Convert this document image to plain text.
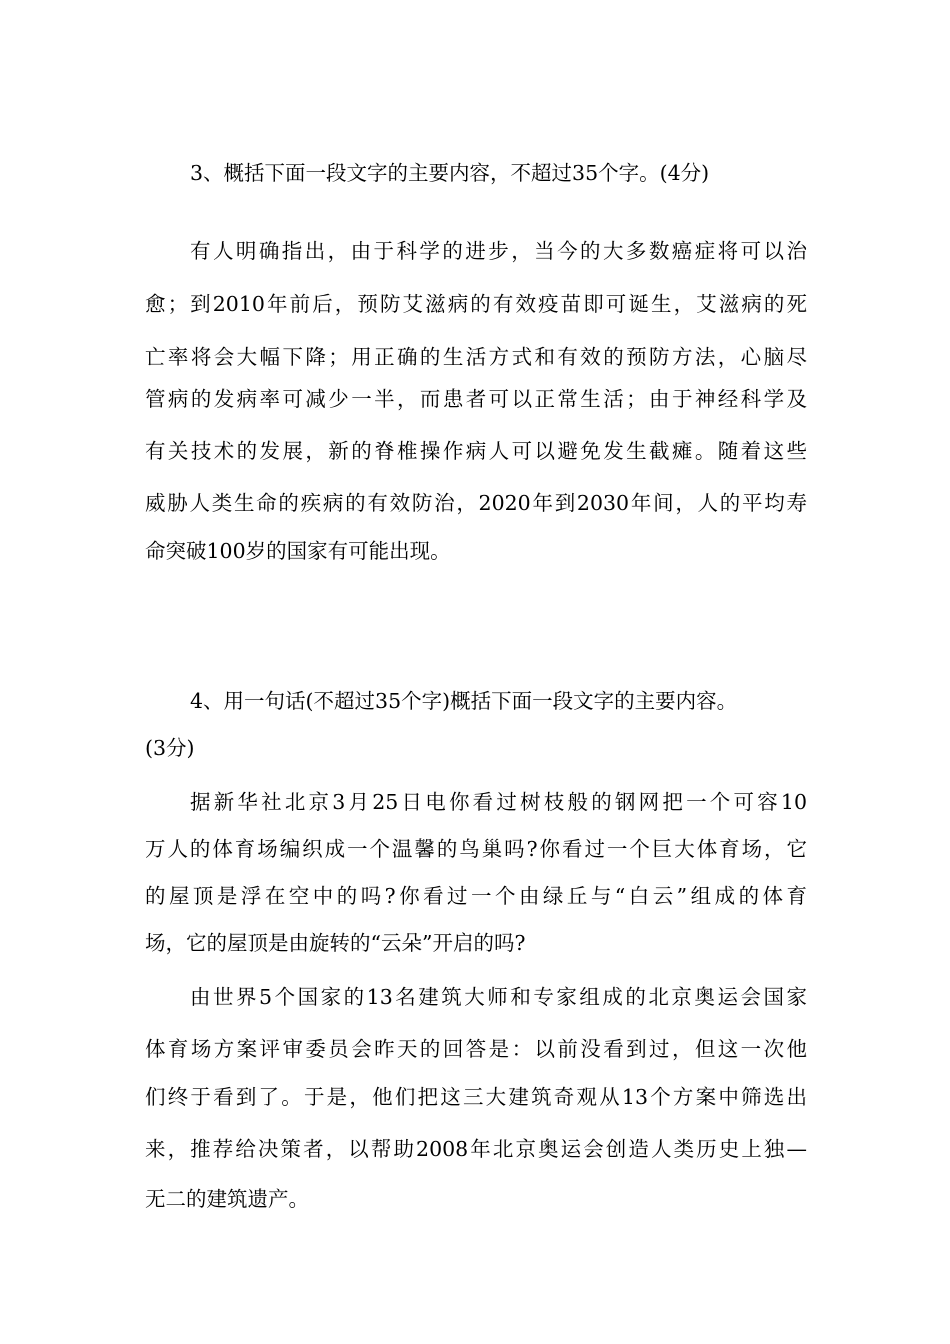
3、概括下面一段文字的主要内容，不超过35个字。(4分)
有人明确指出，由于科学的进步，当今的大多数癌症将可以治
愈；到2010年前后，预防艾滋病的有效疫苗即可诞生，艾滋病的死
亡率将会大幅下降；用正确的生活方式和有效的预防方法，心脑尽
管病的发病率可减少一半，而患者可以正常生活；由于神经科学及
有关技术的发展，新的脊椎操作病人可以避免发生截瘫。随着这些
威胁人类生命的疾病的有效防治，2020年到2030年间，人的平均寿
命突破100岁的国家有可能出现。
4、用一句话(不超过35个字)概括下面一段文字的主要内容。
(3分)
据新华社北京3月25日电你看过树枝般的钢网把一个可容10
万人的体育场编织成一个温馨的鸟巢吗?你看过一个巨大体育场，它
的屋顶是浮在空中的吗?你看过一个由绿丘与“白云”组成的体育
场，它的屋顶是由旋转的“云朵”开启的吗?
由世界5个国家的13名建筑大师和专家组成的北京奥运会国家
体育场方案评审委员会昨天的回答是：以前没看到过，但这一次他
们终于看到了。于是，他们把这三大建筑奇观从13个方案中筛选出
来，推荐给决策者，以帮助2008年北京奥运会创造人类历史上独—
无二的建筑遗产。
